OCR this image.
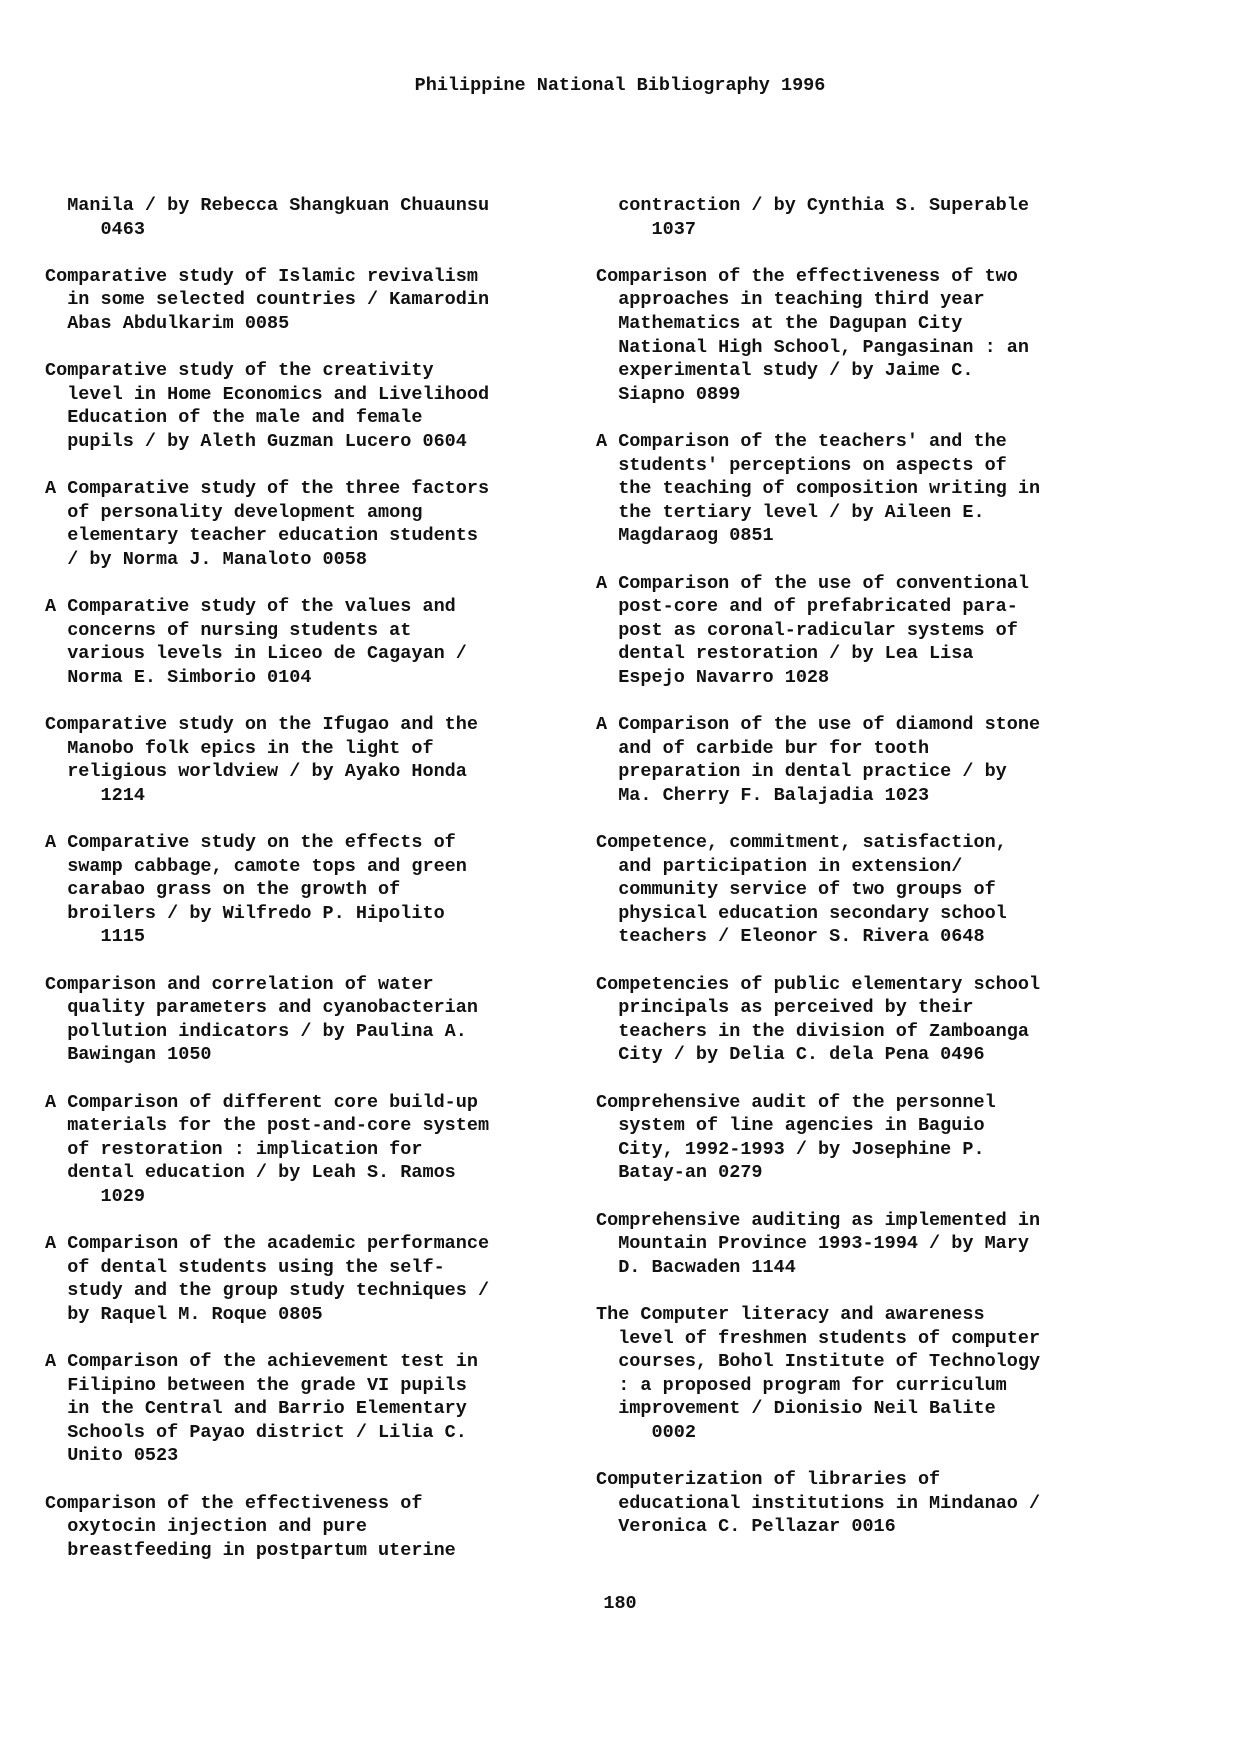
Philippine National Bibliography 1996
Manila / by Rebecca Shangkuan Chuaunsu
0463
Comparative study of Islamic revivalism
in some selected countries / Kamarodin
Abas Abdulkarim 0085
Comparative study of the creativity
level in Home Economics and Livelihood
Education of the male and female
pupils / by Aleth Guzman Lucero 0604
A Comparative study of the three factors
of personality development among
elementary teacher education students
/ by Norma J. Manaloto 0058
A Comparative study of the values and
concerns of nursing students at
various levels in Liceo de Cagayan /
Norma E. Simborio 0104
Comparative study on the Ifugao and the
Manobo folk epics in the light of
religious worldview / by Ayako Honda
1214
A Comparative study on the effects of
swamp cabbage, camote tops and green
carabao grass on the growth of
broilers / by Wilfredo P. Hipolito
1115
Comparison and correlation of water
quality parameters and cyanobacterian
pollution indicators / by Paulina A.
Bawingan 1050
A Comparison of different core build-up
materials for the post-and-core system
of restoration : implication for
dental education / by Leah S. Ramos
1029
A Comparison of the academic performance
of dental students using the self-
study and the group study techniques /
by Raquel M. Roque 0805
A Comparison of the achievement test in
Filipino between the grade VI pupils
in the Central and Barrio Elementary
Schools of Payao district / Lilia C.
Unito 0523
Comparison of the effectiveness of
oxytocin injection and pure
breastfeeding in postpartum uterine
contraction / by Cynthia S. Superable
1037
Comparison of the effectiveness of two
approaches in teaching third year
Mathematics at the Dagupan City
National High School, Pangasinan : an
experimental study / by Jaime C.
Siapno 0899
A Comparison of the teachers' and the
students' perceptions on aspects of
the teaching of composition writing in
the tertiary level / by Aileen E.
Magdaraog 0851
A Comparison of the use of conventional
post-core and of prefabricated para-
post as coronal-radicular systems of
dental restoration / by Lea Lisa
Espejo Navarro 1028
A Comparison of the use of diamond stone
and of carbide bur for tooth
preparation in dental practice / by
Ma. Cherry F. Balajadia 1023
Competence, commitment, satisfaction,
and participation in extension/
community service of two groups of
physical education secondary school
teachers / Eleonor S. Rivera 0648
Competencies of public elementary school
principals as perceived by their
teachers in the division of Zamboanga
City / by Delia C. dela Pena 0496
Comprehensive audit of the personnel
system of line agencies in Baguio
City, 1992-1993 / by Josephine P.
Batay-an 0279
Comprehensive auditing as implemented in
Mountain Province 1993-1994 / by Mary
D. Bacwaden 1144
The Computer literacy and awareness
level of freshmen students of computer
courses, Bohol Institute of Technology
: a proposed program for curriculum
improvement / Dionisio Neil Balite
0002
Computerization of libraries of
educational institutions in Mindanao /
Veronica C. Pellazar 0016
180
